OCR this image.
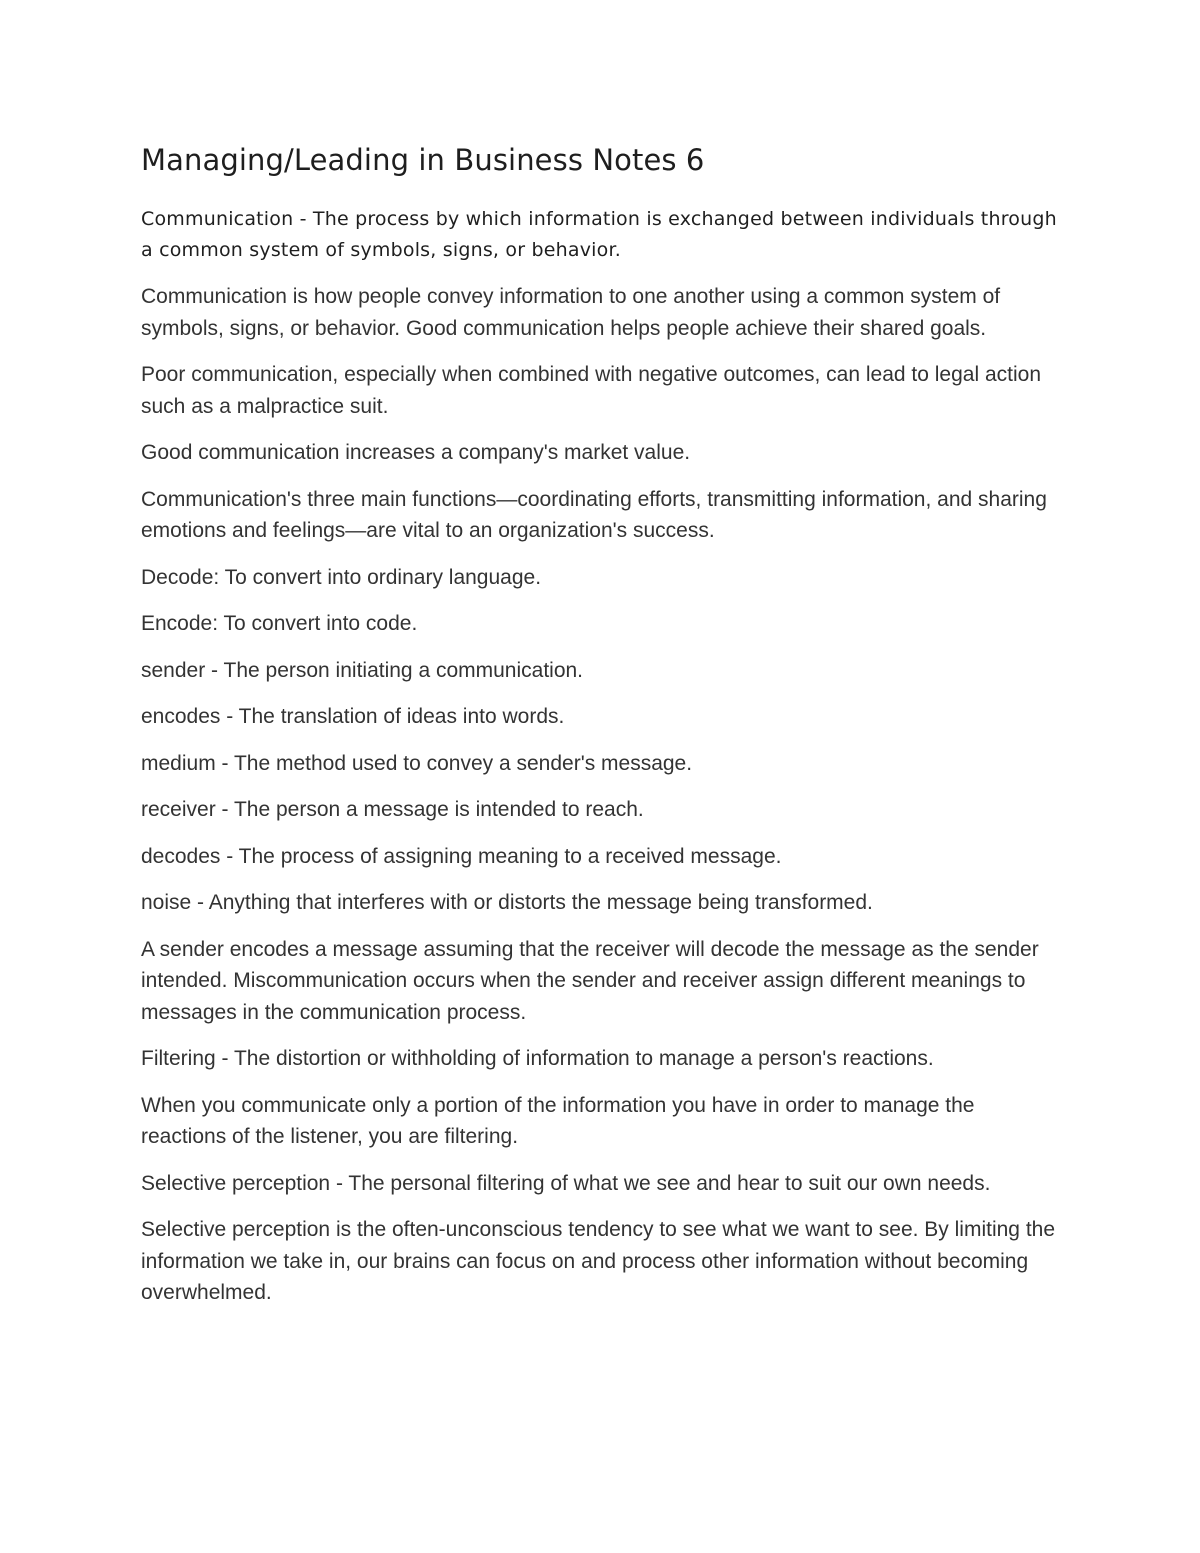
Managing/Leading in Business Notes 6

Communication - The process by which information is exchanged between individuals through a common system of symbols, signs, or behavior.

Communication is how people convey information to one another using a common system of symbols, signs, or behavior. Good communication helps people achieve their shared goals.

Poor communication, especially when combined with negative outcomes, can lead to legal action such as a malpractice suit.

Good communication increases a company's market value.

Communication's three main functions—coordinating efforts, transmitting information, and sharing emotions and feelings—are vital to an organization's success.

Decode: To convert into ordinary language.

Encode: To convert into code.

sender - The person initiating a communication.

encodes - The translation of ideas into words.

medium - The method used to convey a sender's message.

receiver - The person a message is intended to reach.

decodes - The process of assigning meaning to a received message.

noise - Anything that interferes with or distorts the message being transformed.

A sender encodes a message assuming that the receiver will decode the message as the sender intended. Miscommunication occurs when the sender and receiver assign different meanings to messages in the communication process.

Filtering - The distortion or withholding of information to manage a person's reactions.

When you communicate only a portion of the information you have in order to manage the reactions of the listener, you are filtering.

Selective perception - The personal filtering of what we see and hear to suit our own needs.

Selective perception is the often-unconscious tendency to see what we want to see. By limiting the information we take in, our brains can focus on and process other information without becoming overwhelmed.
